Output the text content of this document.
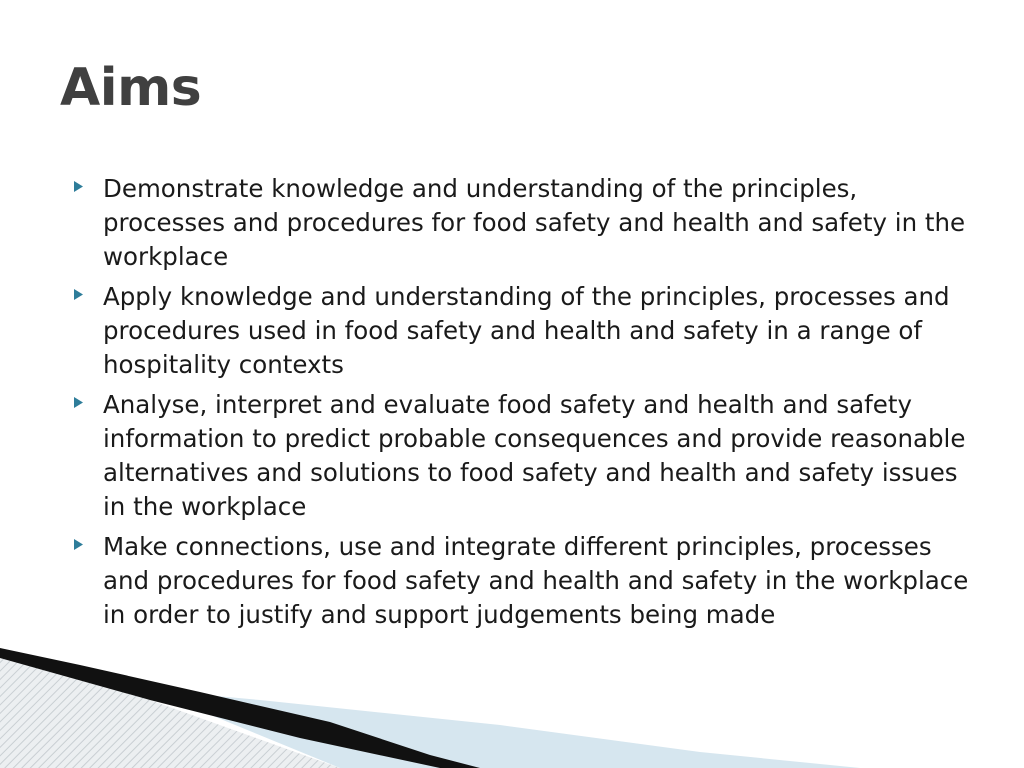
Aims
Demonstrate knowledge and understanding of the principles, processes and procedures for food safety and health and safety in the workplace
Apply knowledge and understanding of the principles, processes and procedures used in food safety and health and safety in a range of hospitality contexts
Analyse, interpret and evaluate food safety and health and safety information to predict probable consequences and provide reasonable alternatives and solutions to food safety and health and safety issues in the workplace
Make connections, use and integrate different principles, processes and procedures for food safety and health and safety in the workplace in order to justify and support judgements being made
